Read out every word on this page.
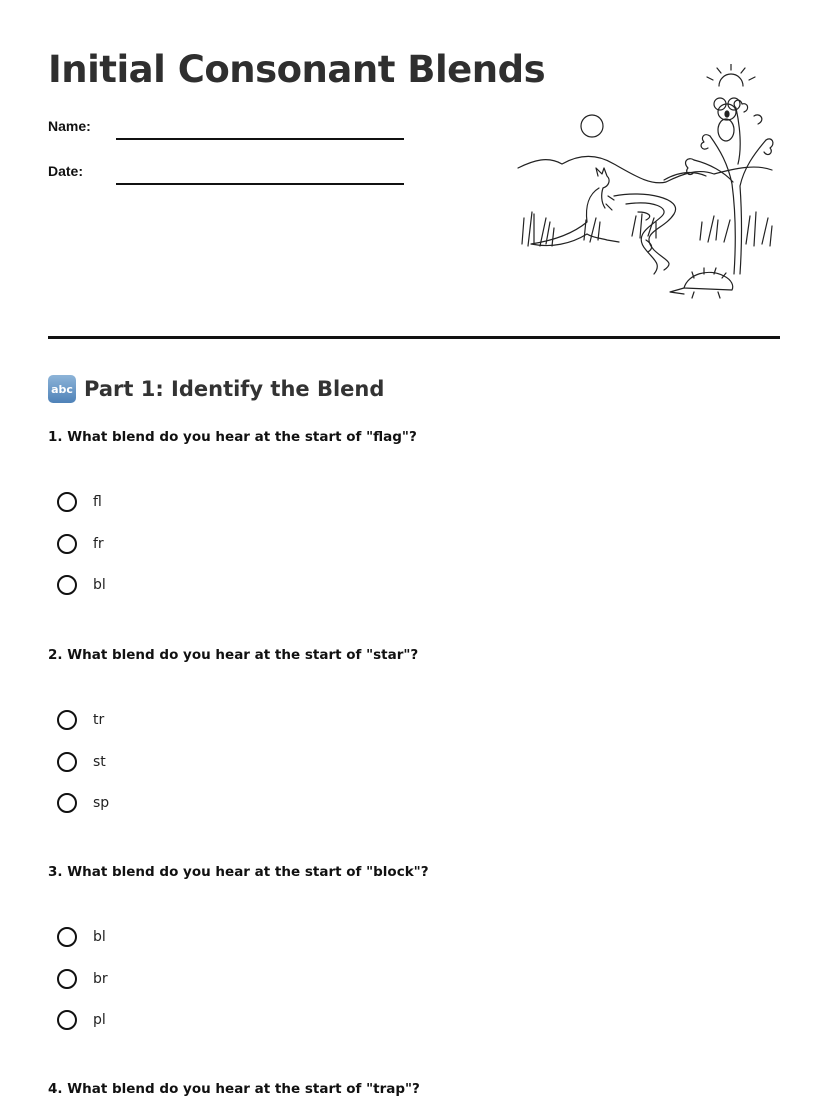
Initial Consonant Blends
Name:
Date:
abc Part 1: Identify the Blend
1. What blend do you hear at the start of "flag"?
fl
fr
bl
2. What blend do you hear at the start of "star"?
tr
st
sp
3. What blend do you hear at the start of "block"?
bl
br
pl
4. What blend do you hear at the start of "trap"?
